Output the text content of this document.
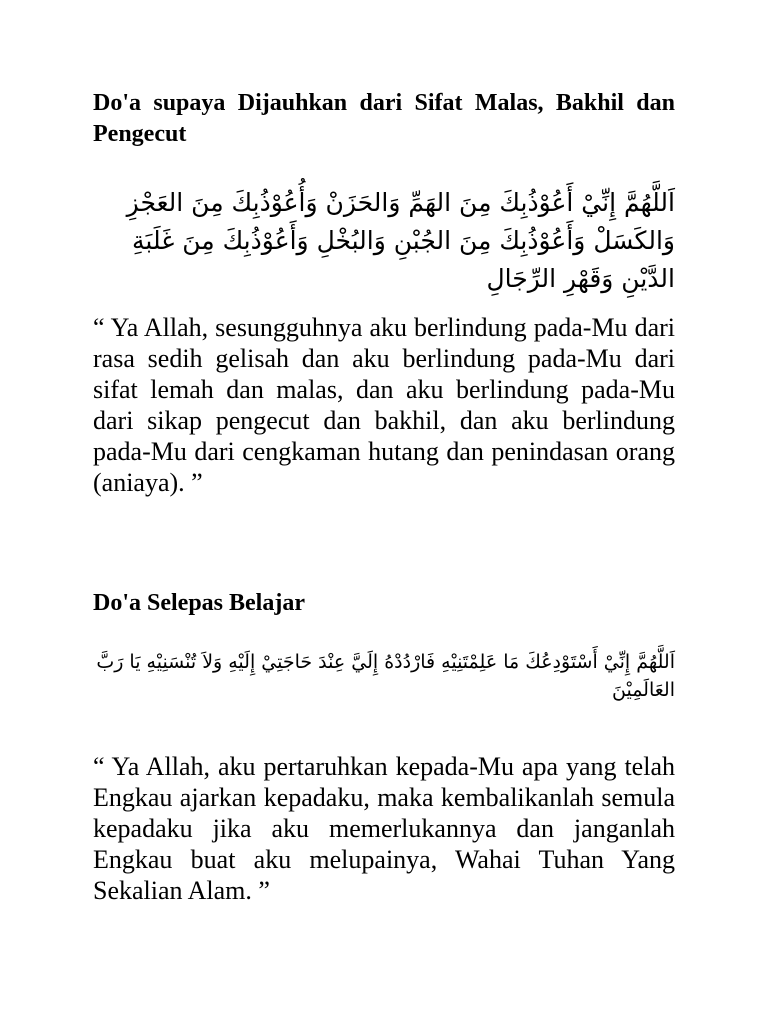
Do'a supaya Dijauhkan dari Sifat Malas, Bakhil dan Pengecut

اَللَّهُمَّ إِنِّيْ أَعُوْذُبِكَ مِنَ الهَمِّ وَالحَزَنْ وَأُعُوْذُبِكَ مِنَ العَجْزِ وَالكَسَلْ وَأَعُوْذُبِكَ مِنَ الجُبْنِ وَالبُخْلِ وَأَعُوْذُبِكَ مِنَ غَلَبَةِ الدَّيْنِ وَقَهْرِ الرِّجَالِ

“ Ya Allah, sesungguhnya aku berlindung pada-Mu dari rasa sedih gelisah dan aku berlindung pada-Mu dari sifat lemah dan malas, dan aku berlindung pada-Mu dari sikap pengecut dan bakhil, dan aku berlindung pada-Mu dari cengkaman hutang dan penindasan orang (aniaya). ”

Do'a Selepas Belajar

اَللَّهُمَّ إِنِّيْ أَسْتَوْدِعُكَ مَا عَلِمْتَنِيْهِ فَارْدُدْهُ إِلَيَّ عِنْدَ حَاجَتِيْ إِلَيْهِ وَلاَ تُنْسَنِيْهِ يَا رَبَّ العَالَمِيْنَ

“ Ya Allah, aku pertaruhkan kepada-Mu apa yang telah Engkau ajarkan kepadaku, maka kembalikanlah semula kepadaku jika aku memerlukannya dan janganlah Engkau buat aku melupainya, Wahai Tuhan Yang Sekalian Alam. ”
